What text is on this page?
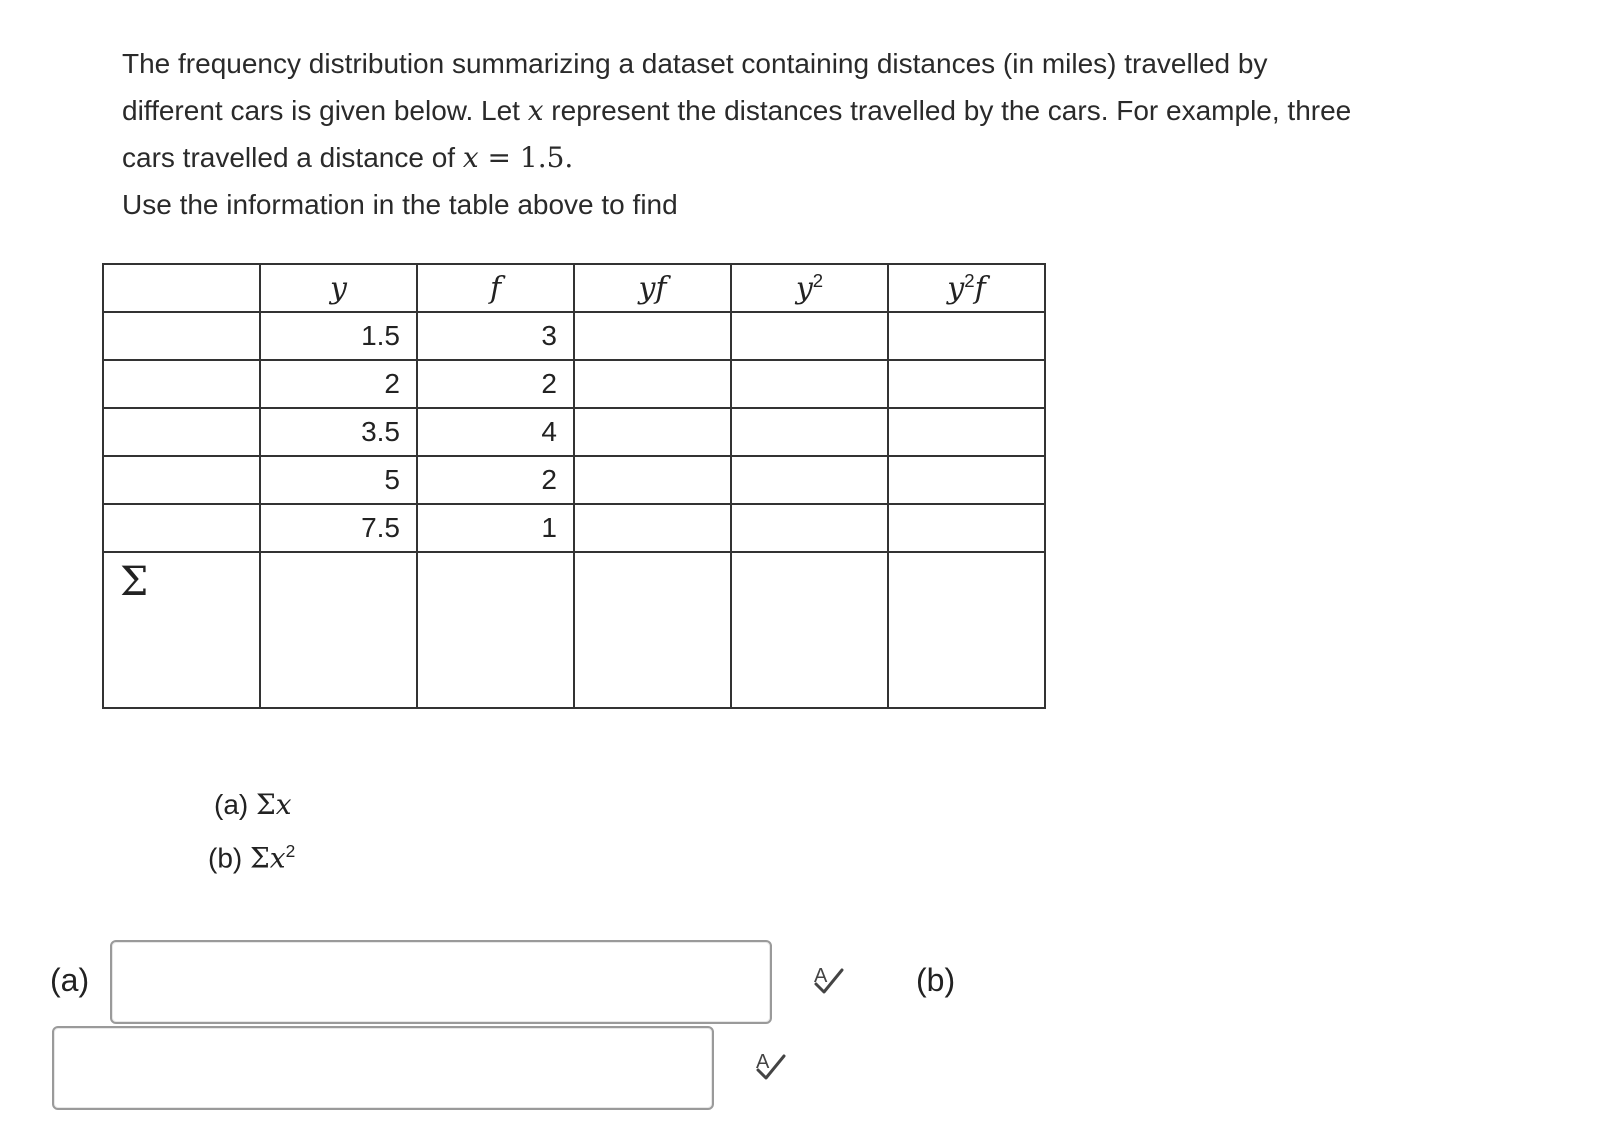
The frequency distribution summarizing a dataset containing distances (in miles) travelled by

different cars is given below. Let x represent the distances travelled by the cars. For example, three

cars travelled a distance of x = 1.5.

Use the information in the table above to find

	y	f	yf	$y^2$	$y^2f$
	1.5	3			
	2	2			
	3.5	4			
	5	2			
	7.5	1			
Σ					
(a) Σx
(b) $\Sigma x^2$
(a)	A	(b)
A
